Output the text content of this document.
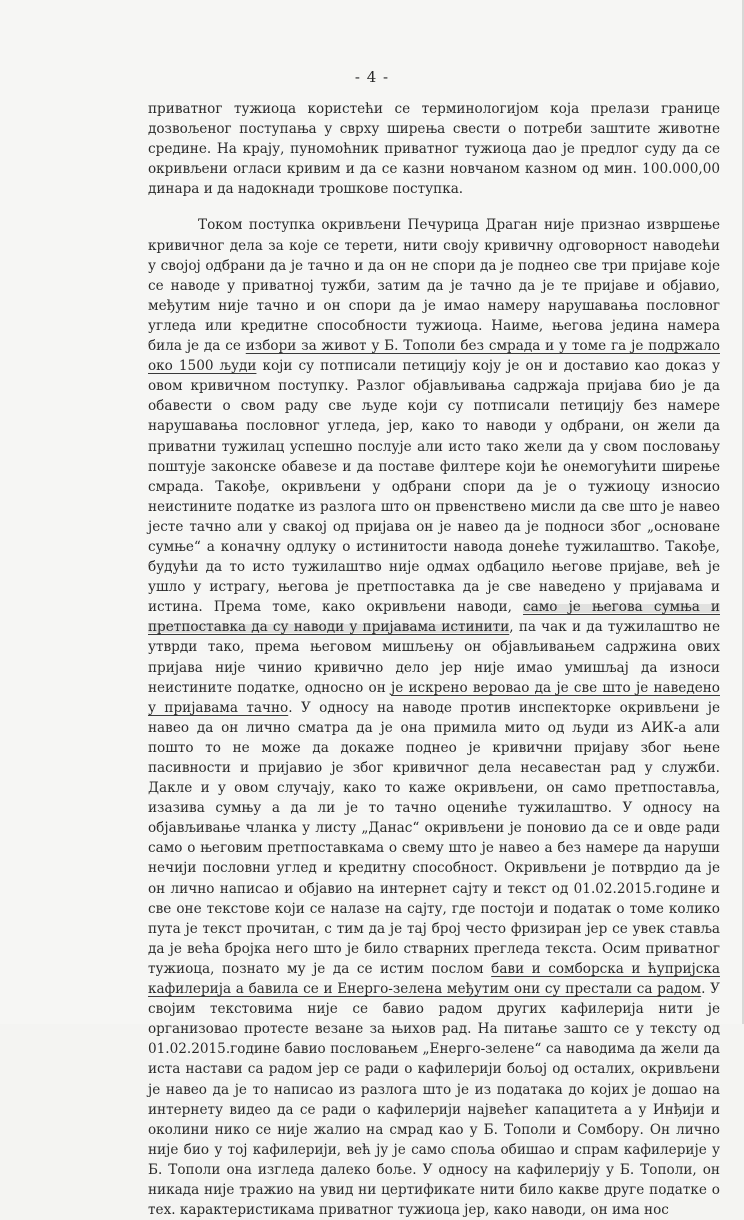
- 4 -

приватног тужиоца користећи се терминологијом која прелази границе дозвољеног поступања у сврху ширења свести о потреби заштите животне средине. На крају, пуномоћник приватног тужиоца дао је предлог суду да се окривљени огласи кривим и да се казни новчаном казном од мин. 100.000,00 динара и да надокнади трошкове поступка.

Током поступка окривљени Печурица Драган није признао извршење кривичног дела за које се терети, нити своју кривичну одговорност наводећи у својој одбрани да је тачно и да он не спори да је поднео све три пријаве које се наводе у приватној тужби, затим да је тачно да је те пријаве и објавио, међутим није тачно и он спори да је имао намеру нарушавања пословног угледа или кредитне способности тужиоца. Наиме, његова једина намера била је да се избори за живот у Б. Тополи без смрада и у томе га је подржало око 1500 људи који су потписали петицију коју је он и доставио као доказ у овом кривичном поступку. Разлог објављивања садржаја пријава био је да обавести о свом раду све људе који су потписали петицију без намере нарушавања пословног угледа, јер, како то наводи у одбрани, он жели да приватни тужилац успешно послује али исто тако жели да у свом пословању поштује законске обавезе и да поставе филтере који ће онемогућити ширење смрада. Такође, окривљени у одбрани спори да је о тужиоцу износио неистините податке из разлога што он првенствено мисли да све што је навео јесте тачно али у свакој од пријава он је навео да је подноси због „основане сумње“ а коначну одлуку о истинитости навода донеће тужилаштво. Такође, будући да то исто тужилаштво није одмах одбацило његове пријаве, већ је ушло у истрагу, његова је претпоставка да је све наведено у пријавама и истина. Према томе, како окривљени наводи, само је његова сумња и претпоставка да су наводи у пријавама истинити, па чак и да тужилаштво не утврди тако, према његовом мишљењу он објављивањем садржина ових пријава није чинио кривично дело јер није имао умишљај да износи неистините податке, односно он је искрено веровао да је све што је наведено у пријавама тачно. У односу на наводе против инспекторке окривљени је навео да он лично сматра да је она примила мито од људи из АИК-а али пошто то не може да докаже поднео је кривични пријаву због њене пасивности и пријавио је због кривичног дела несавестан рад у служби. Дакле и у овом случају, како то каже окривљени, он само претпоставља, изазива сумњу а да ли је то тачно оцениће тужилаштво. У односу на објављивање чланка у листу „Данас“ окривљени је поновио да се и овде ради само о његовим претпоставкама о свему што је навео а без намере да наруши нечији пословни углед и кредитну способност. Окривљени је потврдио да је он лично написао и објавио на интернет сајту и текст од 01.02.2015.године и све оне текстове који се налазе на сајту, где постоји и податак о томе колико пута је текст прочитан, с тим да је тај број често фризиран јер се увек ставља да је већа бројка него што је било стварних прегледа текста. Осим приватног тужиоца, познато му је да се истим послом бави и сомборска и ћупријска кафилерија а бавила се и Енерго-зелена међутим они су престали са радом. У својим текстовима није се бавио радом других кафилерија нити је организовао протесте везане за њихов рад. На питање зашто се у тексту од 01.02.2015.године бавио пословањем „Енерго-зелене“ са наводима да жели да иста настави са радом јер се ради о кафилерији бољој од осталих, окривљени је навео да је то написао из разлога што је из података до којих је дошао на интернету видео да се ради о кафилерији највећег капацитета а у Инђији и околини нико се није жалио на смрад као у Б. Тополи и Сомбору. Он лично није био у тој кафилерији, већ ју је само споља обишао и спрам кафилерије у Б. Тополи она изгледа далеко боље. У односу на кафилерију у Б. Тополи, он никада није тражио на увид ни цертификате нити било какве друге податке о тех. карактеристикама приватног тужиоца јер, како наводи, он има нос
